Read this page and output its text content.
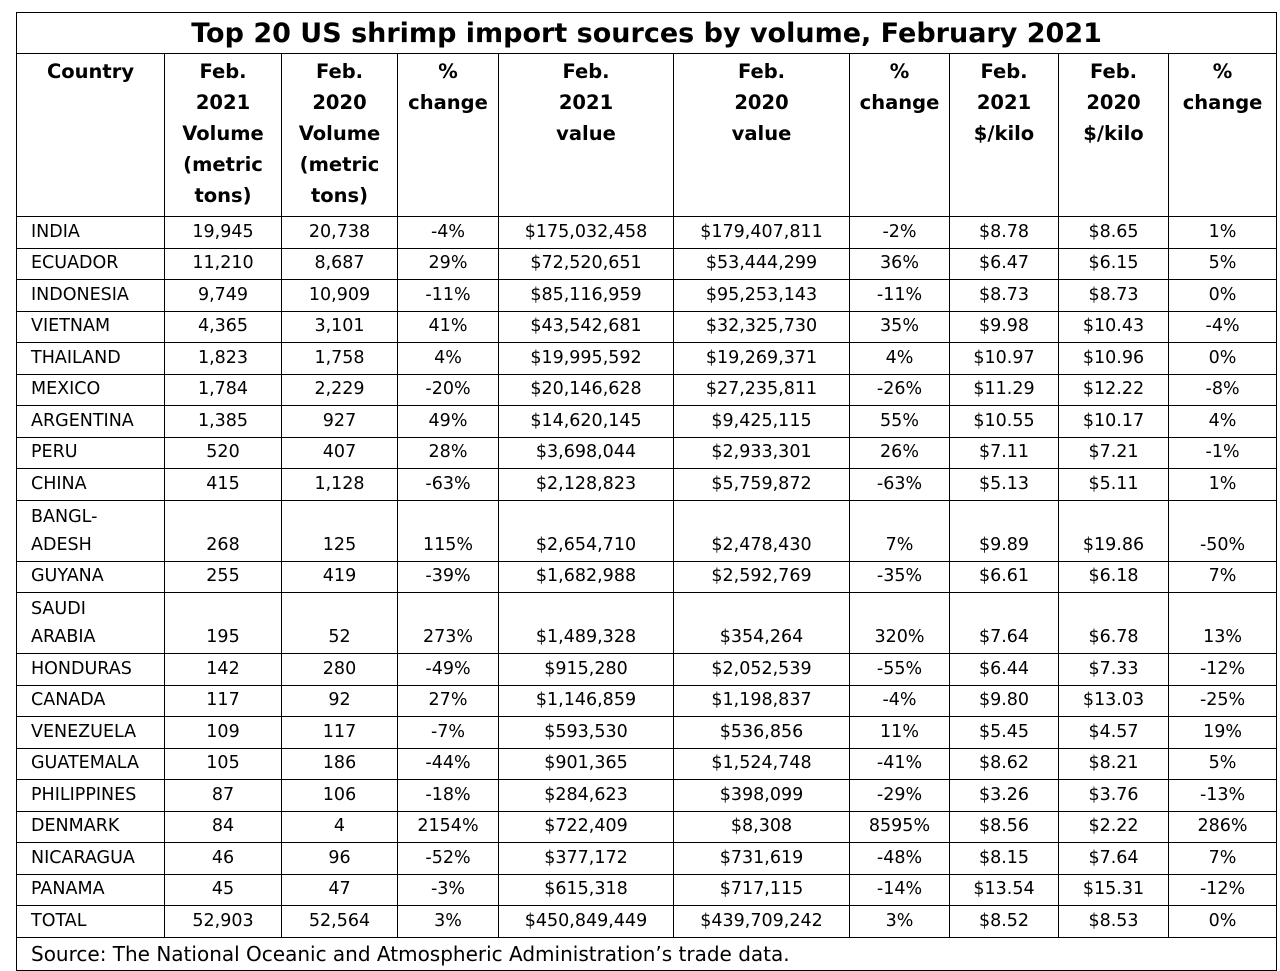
Top 20 US shrimp import sources by volume, February 2021									

Country	Feb.
2021
Volume
(metric
tons)	Feb.
2020
Volume
(metric
tons)	%
change	Feb.
2021
value	Feb.
2020
value	%
change	Feb.
2021
$/kilo	Feb.
2020
$/kilo	%
change

INDIA	19,945	20,738	-4%	$175,032,458	$179,407,811	-2%	$8.78	$8.65	1%

ECUADOR	11,210	8,687	29%	$72,520,651	$53,444,299	36%	$6.47	$6.15	5%

INDONESIA	9,749	10,909	-11%	$85,116,959	$95,253,143	-11%	$8.73	$8.73	0%

VIETNAM	4,365	3,101	41%	$43,542,681	$32,325,730	35%	$9.98	$10.43	-4%

THAILAND	1,823	1,758	4%	$19,995,592	$19,269,371	4%	$10.97	$10.96	0%

MEXICO	1,784	2,229	-20%	$20,146,628	$27,235,811	-26%	$11.29	$12.22	-8%

ARGENTINA	1,385	927	49%	$14,620,145	$9,425,115	55%	$10.55	$10.17	4%

PERU	520	407	28%	$3,698,044	$2,933,301	26%	$7.11	$7.21	-1%

CHINA	415	1,128	-63%	$2,128,823	$5,759,872	-63%	$5.13	$5.11	1%

BANGL-
ADESH	268	125	115%	$2,654,710	$2,478,430	7%	$9.89	$19.86	-50%

GUYANA	255	419	-39%	$1,682,988	$2,592,769	-35%	$6.61	$6.18	7%

SAUDI
ARABIA	195	52	273%	$1,489,328	$354,264	320%	$7.64	$6.78	13%

HONDURAS	142	280	-49%	$915,280	$2,052,539	-55%	$6.44	$7.33	-12%

CANADA	117	92	27%	$1,146,859	$1,198,837	-4%	$9.80	$13.03	-25%

VENEZUELA	109	117	-7%	$593,530	$536,856	11%	$5.45	$4.57	19%

GUATEMALA	105	186	-44%	$901,365	$1,524,748	-41%	$8.62	$8.21	5%

PHILIPPINES	87	106	-18%	$284,623	$398,099	-29%	$3.26	$3.76	-13%

DENMARK	84	4	2154%	$722,409	$8,308	8595%	$8.56	$2.22	286%

NICARAGUA	46	96	-52%	$377,172	$731,619	-48%	$8.15	$7.64	7%

PANAMA	45	47	-3%	$615,318	$717,115	-14%	$13.54	$15.31	-12%

TOTAL	52,903	52,564	3%	$450,849,449	$439,709,242	3%	$8.52	$8.53	0%
Source: The National Oceanic and Atmospheric Administration’s trade data.									
